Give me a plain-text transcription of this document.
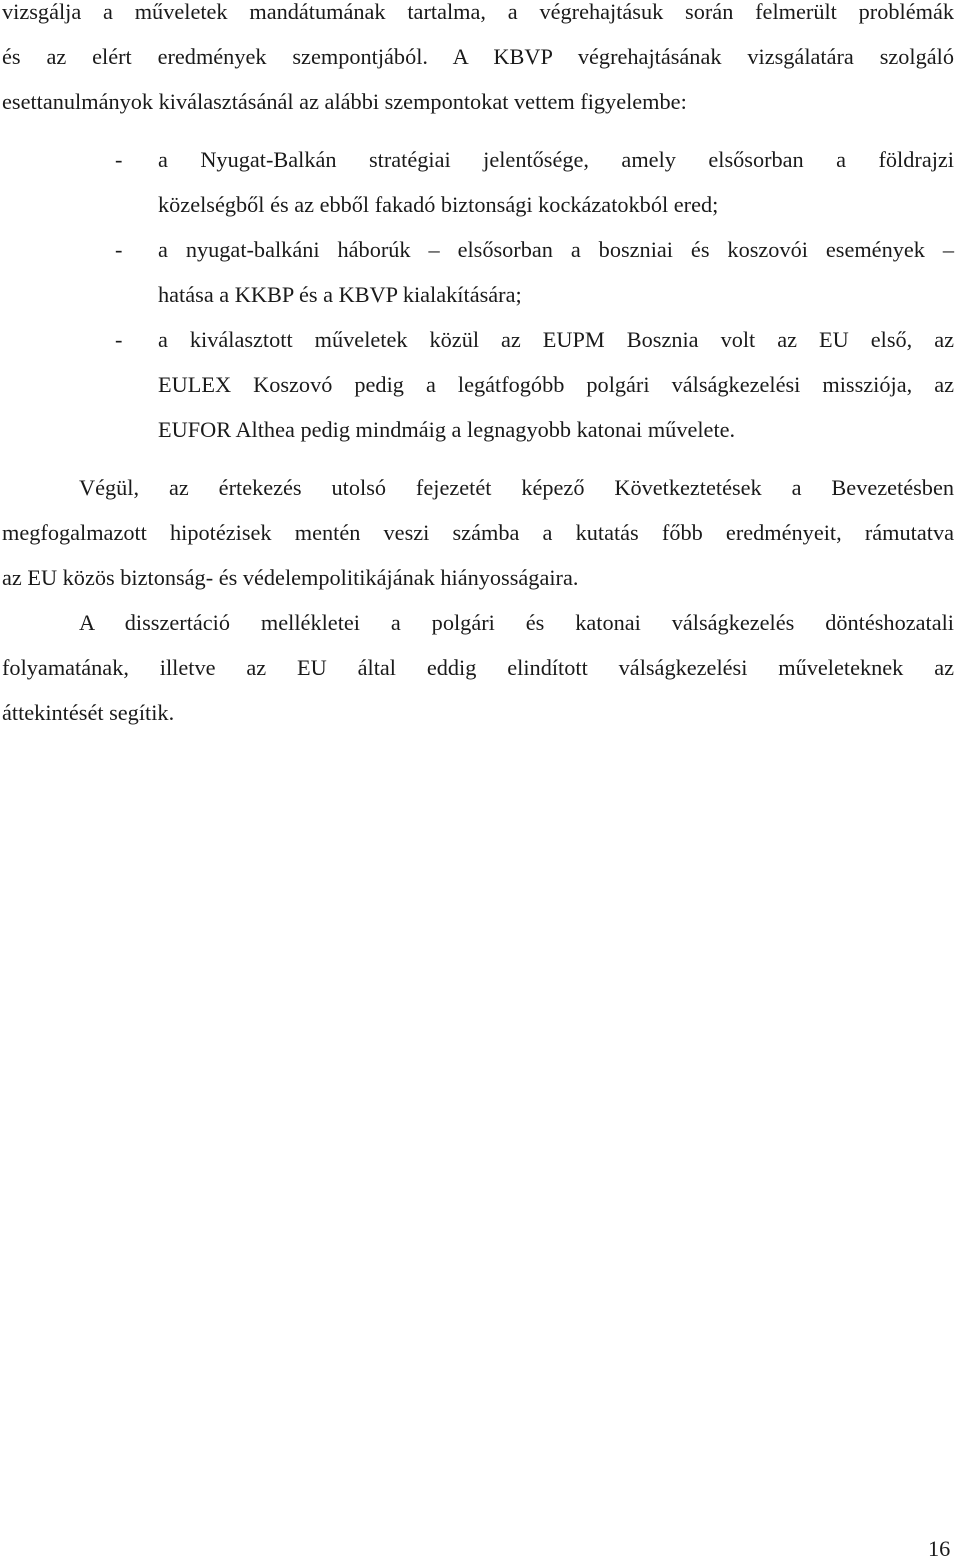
vizsgálja a műveletek mandátumának tartalma, a végrehajtásuk során felmerült problémák
és az elért eredmények szempontjából. A KBVP végrehajtásának vizsgálatára szolgáló
esettanulmányok kiválasztásánál az alábbi szempontokat vettem figyelembe:
- a Nyugat-Balkán stratégiai jelentősége, amely elsősorban a földrajzi
közelségből és az ebből fakadó biztonsági kockázatokból ered;
- a nyugat-balkáni háborúk – elsősorban a boszniai és koszovói események –
hatása a KKBP és a KBVP kialakítására;
- a kiválasztott műveletek közül az EUPM Bosznia volt az EU első, az
EULEX Koszovó pedig a legátfogóbb polgári válságkezelési missziója, az
EUFOR Althea pedig mindmáig a legnagyobb katonai művelete.
Végül, az értekezés utolsó fejezetét képező Következtetések a Bevezetésben
megfogalmazott hipotézisek mentén veszi számba a kutatás főbb eredményeit, rámutatva
az EU közös biztonság- és védelempolitikájának hiányosságaira.
A disszertáció mellékletei a polgári és katonai válságkezelés döntéshozatali
folyamatának, illetve az EU által eddig elindított válságkezelési műveleteknek az
áttekintését segítik.
16
